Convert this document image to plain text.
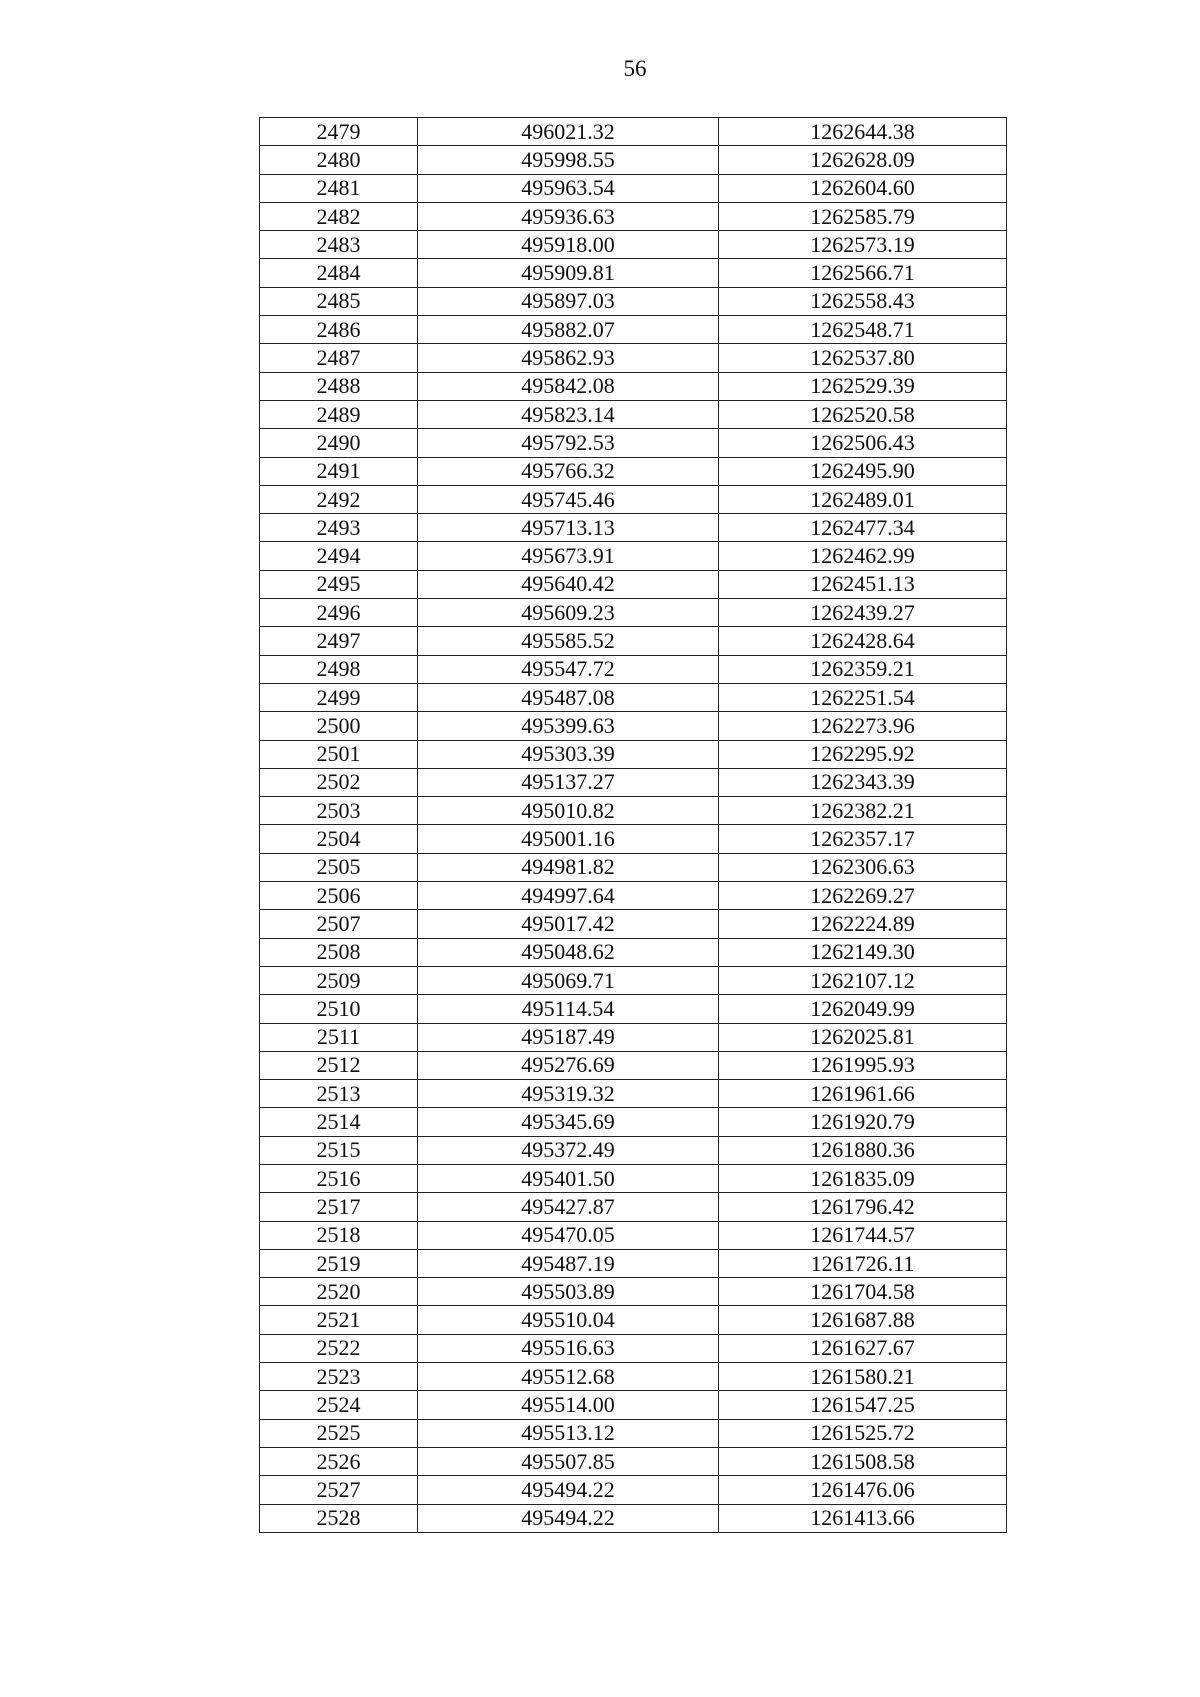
56
2479	496021.32	1262644.38
2480	495998.55	1262628.09
2481	495963.54	1262604.60
2482	495936.63	1262585.79
2483	495918.00	1262573.19
2484	495909.81	1262566.71
2485	495897.03	1262558.43
2486	495882.07	1262548.71
2487	495862.93	1262537.80
2488	495842.08	1262529.39
2489	495823.14	1262520.58
2490	495792.53	1262506.43
2491	495766.32	1262495.90
2492	495745.46	1262489.01
2493	495713.13	1262477.34
2494	495673.91	1262462.99
2495	495640.42	1262451.13
2496	495609.23	1262439.27
2497	495585.52	1262428.64
2498	495547.72	1262359.21
2499	495487.08	1262251.54
2500	495399.63	1262273.96
2501	495303.39	1262295.92
2502	495137.27	1262343.39
2503	495010.82	1262382.21
2504	495001.16	1262357.17
2505	494981.82	1262306.63
2506	494997.64	1262269.27
2507	495017.42	1262224.89
2508	495048.62	1262149.30
2509	495069.71	1262107.12
2510	495114.54	1262049.99
2511	495187.49	1262025.81
2512	495276.69	1261995.93
2513	495319.32	1261961.66
2514	495345.69	1261920.79
2515	495372.49	1261880.36
2516	495401.50	1261835.09
2517	495427.87	1261796.42
2518	495470.05	1261744.57
2519	495487.19	1261726.11
2520	495503.89	1261704.58
2521	495510.04	1261687.88
2522	495516.63	1261627.67
2523	495512.68	1261580.21
2524	495514.00	1261547.25
2525	495513.12	1261525.72
2526	495507.85	1261508.58
2527	495494.22	1261476.06
2528	495494.22	1261413.66
